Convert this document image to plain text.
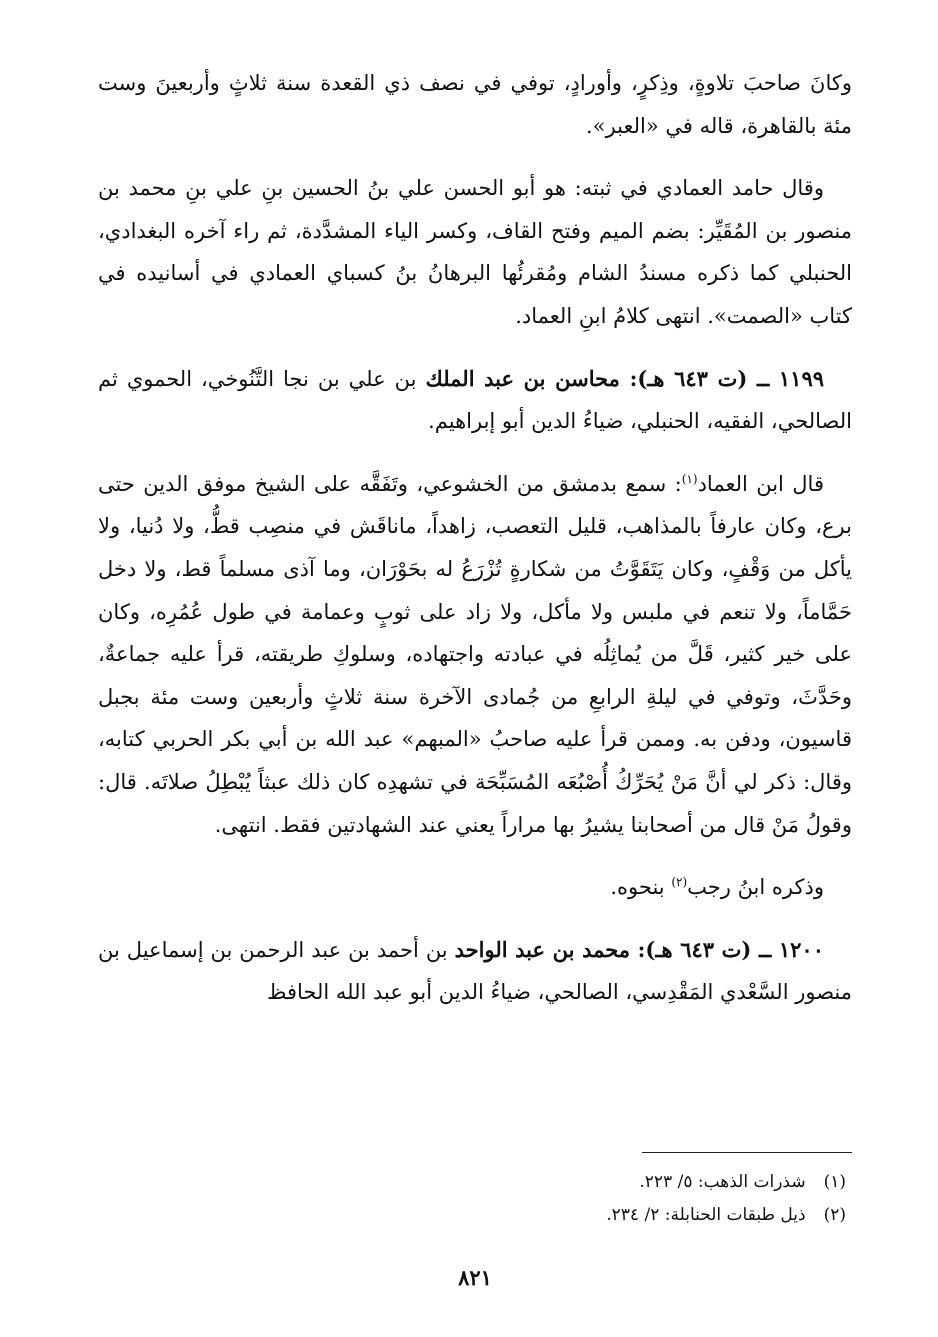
وكانَ صاحبَ تلاوةٍ، وذِكرٍ، وأورادٍ، توفي في نصف ذي القعدة سنة ثلاثٍ وأربعينَ وست مئة بالقاهرة، قاله في «العبر».

وقال حامد العمادي في ثبته: هو أبو الحسن علي بنُ الحسين بنِ علي بنِ محمد بن منصور بن المُقَيِّر: بضم الميم وفتح القاف، وكسر الياء المشدَّدة، ثم راء آخره البغدادي، الحنبلي كما ذكره مسندُ الشام ومُقرئُها البرهانُ بنُ كسباي العمادي في أسانيده في كتاب «الصمت». انتهى كلامُ ابنِ العماد.

١١٩٩ ــ (ت ٦٤٣ هـ): محاسن بن عبد الملك بن علي بن نجا التَّنُوخي، الحموي ثم الصالحي، الفقيه، الحنبلي، ضياءُ الدين أبو إبراهيم.

قال ابن العماد$^{(١)}$: سمع بدمشق من الخشوعي، وتَفَقَّه على الشيخ موفق الدين حتى برع، وكان عارفاً بالمذاهب، قليل التعصب، زاهداً، ماناقَش في منصِب قطُّ، ولا دُنيا، ولا يأكل من وَقْفٍ، وكان يَتَقَوَّتُ من شكارةٍ تُزْرَعُ له بحَوْرَان، وما آذى مسلماً قط، ولا دخل حَمَّاماً، ولا تنعم في ملبس ولا مأكل، ولا زاد على ثوبٍ وعمامة في طول عُمُرِه، وكان على خير كثير، قَلَّ من يُماثِلُه في عبادته واجتهاده، وسلوكِ طريقته، قرأ عليه جماعةٌ، وحَدَّثَ، وتوفي في ليلةِ الرابعِ من جُمادى الآخرة سنة ثلاثٍ وأربعين وست مئة بجبل قاسيون، ودفن به. وممن قرأ عليه صاحبُ «المبهم» عبد الله بن أبي بكر الحربي كتابه، وقال: ذكر لي أنَّ مَنْ يُحَرِّكُ أُصْبُعَه المُسَبِّحَة في تشهدِه كان ذلك عبثاً يُبْطِلُ صلاتَه. قال: وقولُ مَنْ قال من أصحابنا يشيرُ بها مراراً يعني عند الشهادتين فقط. انتهى.

وذكره ابنُ رجب$^{(٢)}$ بنحوه.

١٢٠٠ ــ (ت ٦٤٣ هـ): محمد بن عبد الواحد بن أحمد بن عبد الرحمن بن إسماعيل بن منصور السَّعْدي المَقْدِسي، الصالحي، ضياءُ الدين أبو عبد الله الحافظ

(١)
شذرات الذهب: ٥/ ٢٢٣.
(٢)
ذيل طبقات الحنابلة: ٢/ ٢٣٤.
٨٢١
